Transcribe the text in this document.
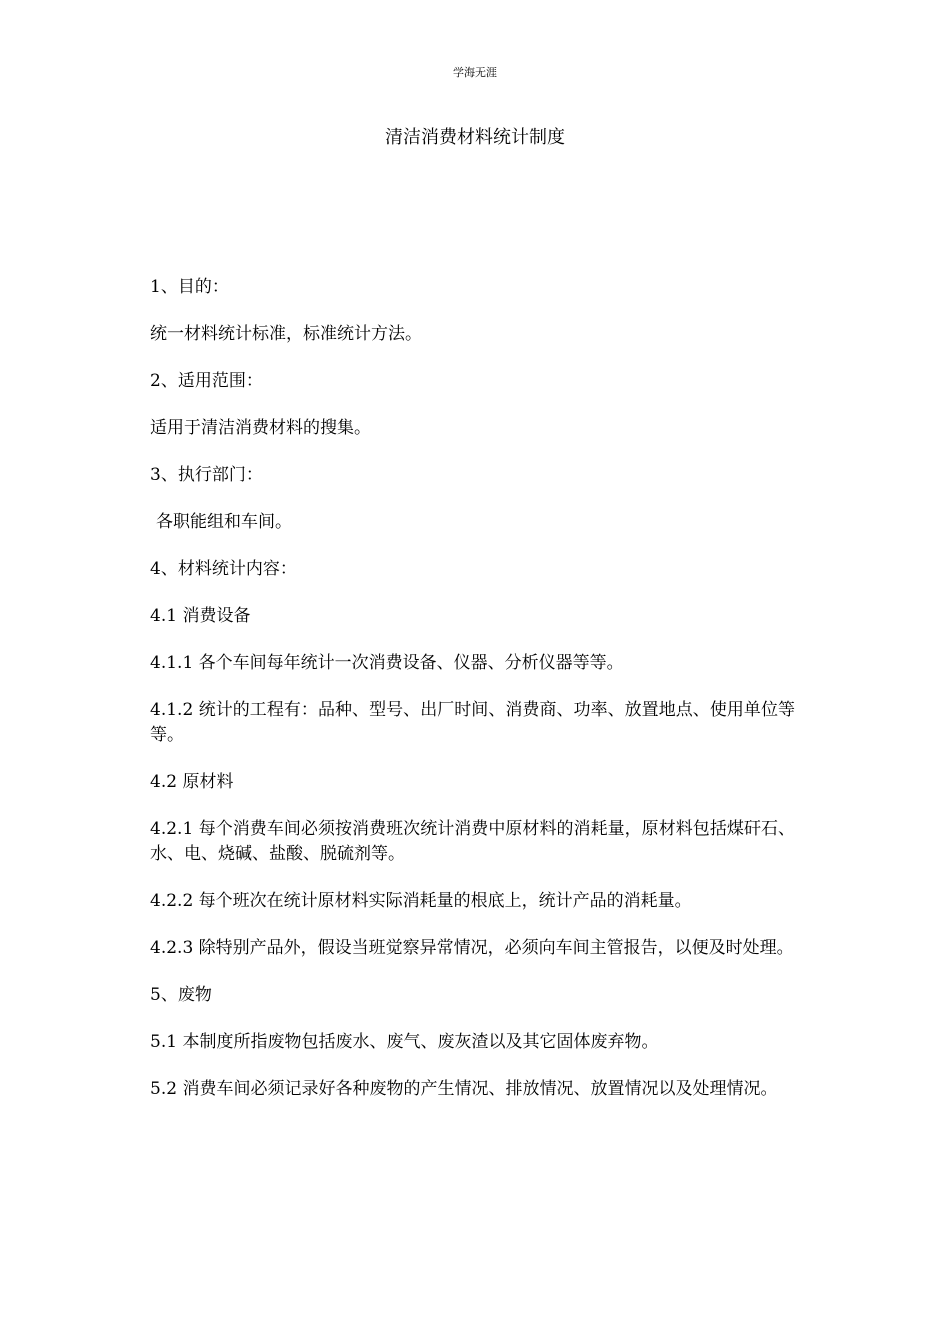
学海无涯
清洁消费材料统计制度

1、目的：

统一材料统计标准，标准统计方法。

2、适用范围：

适用于清洁消费材料的搜集。

3、执行部门：

各职能组和车间。

4、材料统计内容：

4.1 消费设备

4.1.1 各个车间每年统计一次消费设备、仪器、分析仪器等等。

4.1.2 统计的工程有：品种、型号、出厂时间、消费商、功率、放置地点、使用单位等等。

4.2 原材料

4.2.1 每个消费车间必须按消费班次统计消费中原材料的消耗量，原材料包括煤矸石、水、电、烧碱、盐酸、脱硫剂等。

4.2.2 每个班次在统计原材料实际消耗量的根底上，统计产品的消耗量。

4.2.3 除特别产品外，假设当班觉察异常情况，必须向车间主管报告，以便及时处理。

5、废物

5.1 本制度所指废物包括废水、废气、废灰渣以及其它固体废弃物。

5.2 消费车间必须记录好各种废物的产生情况、排放情况、放置情况以及处理情况。
